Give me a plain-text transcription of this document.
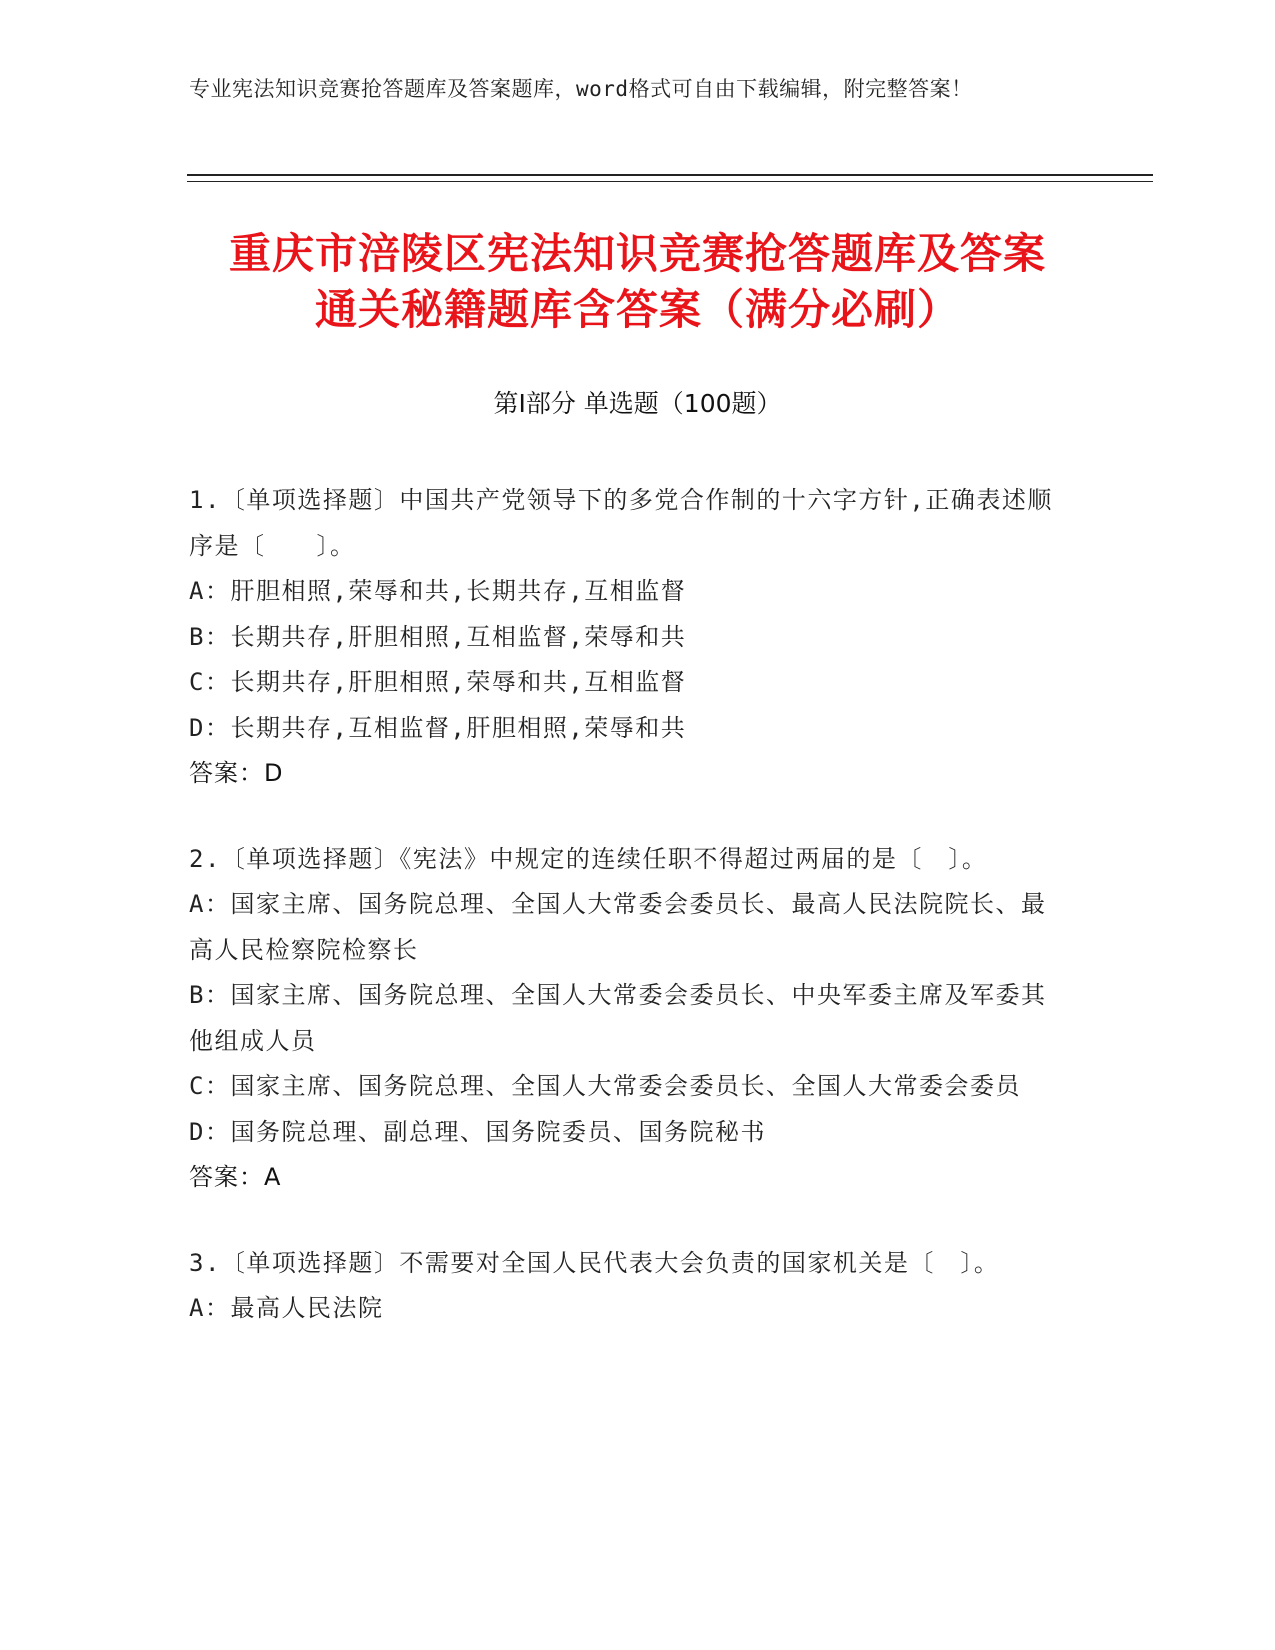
专业宪法知识竞赛抢答题库及答案题库，word格式可自由下载编辑，附完整答案！
重庆市涪陵区宪法知识竞赛抢答题库及答案
通关秘籍题库含答案（满分必刷）
第Ⅰ部分 单选题（100题）
1.〔单项选择题〕中国共产党领导下的多党合作制的十六字方针,正确表述顺序是〔　　〕。
A：肝胆相照,荣辱和共,长期共存,互相监督
B：长期共存,肝胆相照,互相监督,荣辱和共
C：长期共存,肝胆相照,荣辱和共,互相监督
D：长期共存,互相监督,肝胆相照,荣辱和共
答案：D
2.〔单项选择题〕《宪法》中规定的连续任职不得超过两届的是〔　〕。
A：国家主席、国务院总理、全国人大常委会委员长、最高人民法院院长、最高人民检察院检察长
B：国家主席、国务院总理、全国人大常委会委员长、中央军委主席及军委其他组成人员
C：国家主席、国务院总理、全国人大常委会委员长、全国人大常委会委员
D：国务院总理、副总理、国务院委员、国务院秘书
答案：A
3.〔单项选择题〕不需要对全国人民代表大会负责的国家机关是〔　〕。
A：最高人民法院
